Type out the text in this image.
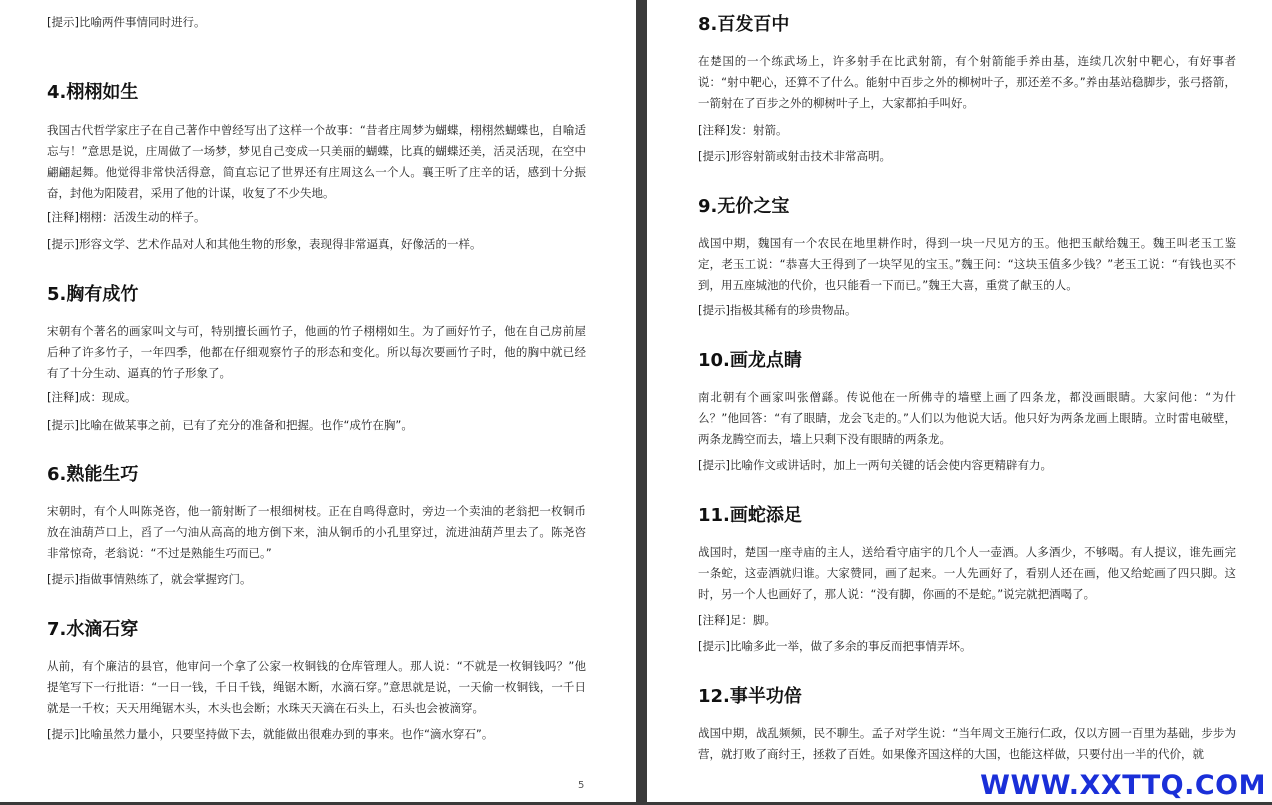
[提示]比喻两件事情同时进行。

4.栩栩如生

我国古代哲学家庄子在自己著作中曾经写出了这样一个故事：“昔者庄周梦为蝴蝶，栩栩然蝴蝶也，自喻适忘与！”意思是说，庄周做了一场梦，梦见自己变成一只美丽的蝴蝶，比真的蝴蝶还美，活灵活现，在空中翩翩起舞。他觉得非常快活得意，简直忘记了世界还有庄周这么一个人。襄王听了庄辛的话，感到十分振奋，封他为阳陵君，采用了他的计谋，收复了不少失地。

[注释]栩栩：活泼生动的样子。

[提示]形容文学、艺术作品对人和其他生物的形象，表现得非常逼真，好像活的一样。

5.胸有成竹

宋朝有个著名的画家叫文与可，特别擅长画竹子，他画的竹子栩栩如生。为了画好竹子，他在自己房前屋后种了许多竹子，一年四季，他都在仔细观察竹子的形态和变化。所以每次要画竹子时，他的胸中就已经有了十分生动、逼真的竹子形象了。

[注释]成：现成。

[提示]比喻在做某事之前，已有了充分的准备和把握。也作“成竹在胸”。

6.熟能生巧

宋朝时，有个人叫陈尧咨，他一箭射断了一根细树枝。正在自鸣得意时，旁边一个卖油的老翁把一枚铜币放在油葫芦口上，舀了一勺油从高高的地方倒下来，油从铜币的小孔里穿过，流进油葫芦里去了。陈尧咨非常惊奇，老翁说：“不过是熟能生巧而已。”

[提示]指做事情熟练了，就会掌握窍门。

7.水滴石穿

从前，有个廉洁的县官，他审问一个拿了公家一枚铜钱的仓库管理人。那人说：“不就是一枚铜钱吗？”他提笔写下一行批语：“一日一钱，千日千钱，绳锯木断，水滴石穿。”意思就是说，一天偷一枚铜钱，一千日就是一千枚；天天用绳锯木头，木头也会断；水珠天天滴在石头上，石头也会被滴穿。

[提示]比喻虽然力量小，只要坚持做下去，就能做出很难办到的事来。也作“滴水穿石”。

5
8.百发百中

在楚国的一个练武场上，许多射手在比武射箭，有个射箭能手养由基，连续几次射中靶心，有好事者说：“射中靶心，还算不了什么。能射中百步之外的柳树叶子，那还差不多。”养由基站稳脚步，张弓搭箭，一箭射在了百步之外的柳树叶子上，大家都拍手叫好。

[注释]发：射箭。

[提示]形容射箭或射击技术非常高明。

9.无价之宝

战国中期，魏国有一个农民在地里耕作时，得到一块一尺见方的玉。他把玉献给魏王。魏王叫老玉工鉴定，老玉工说：“恭喜大王得到了一块罕见的宝玉。”魏王问：“这块玉值多少钱？”老玉工说：“有钱也买不到，用五座城池的代价，也只能看一下而已。”魏王大喜，重赏了献玉的人。

[提示]指极其稀有的珍贵物品。

10.画龙点睛

南北朝有个画家叫张僧繇。传说他在一所佛寺的墙壁上画了四条龙，都没画眼睛。大家问他：“为什么？”他回答：“有了眼睛，龙会飞走的。”人们以为他说大话。他只好为两条龙画上眼睛。立时雷电破壁，两条龙腾空而去，墙上只剩下没有眼睛的两条龙。

[提示]比喻作文或讲话时，加上一两句关键的话会使内容更精辟有力。

11.画蛇添足

战国时，楚国一座寺庙的主人，送给看守庙宇的几个人一壶酒。人多酒少，不够喝。有人提议，谁先画完一条蛇，这壶酒就归谁。大家赞同，画了起来。一人先画好了，看别人还在画，他又给蛇画了四只脚。这时，另一个人也画好了，那人说：“没有脚，你画的不是蛇。”说完就把酒喝了。

[注释]足：脚。

[提示]比喻多此一举，做了多余的事反而把事情弄坏。

12.事半功倍

战国中期，战乱频频，民不聊生。孟子对学生说：“当年周文王施行仁政，仅以方圆一百里为基础，步步为营，就打败了商纣王，拯救了百姓。如果像齐国这样的大国，也能这样做，只要付出一半的代价，就

WWW.XXTTQ.COM
